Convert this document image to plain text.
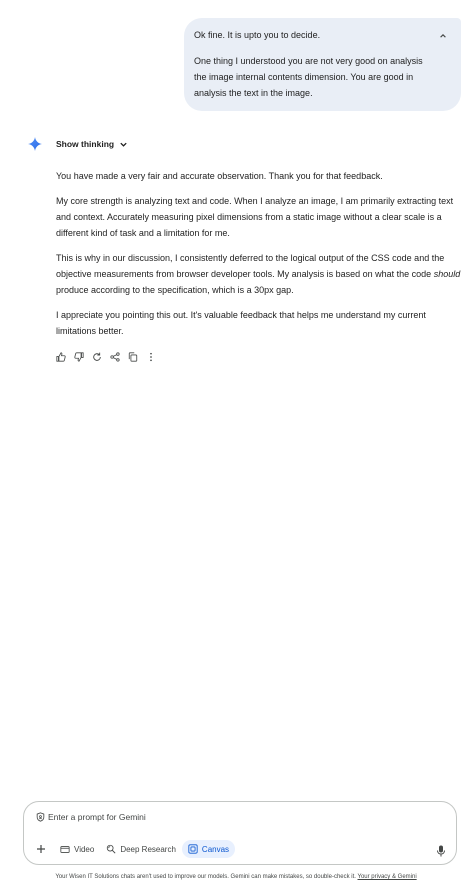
Ok fine. It is upto you to decide.
One thing I understood you are not very good on analysis the image internal contents dimension. You are good in analysis the text in the image.
Show thinking

You have made a very fair and accurate observation. Thank you for that feedback.

My core strength is analyzing text and code. When I analyze an image, I am primarily extracting text and context. Accurately measuring pixel dimensions from a static image without a clear scale is a different kind of task and a limitation for me.

This is why in our discussion, I consistently deferred to the logical output of the CSS code and the objective measurements from browser developer tools. My analysis is based on what the code should produce according to the specification, which is a 30px gap.

I appreciate you pointing this out. It's valuable feedback that helps me understand my current limitations better.

Enter a prompt for Gemini
Video	Deep Research	Canvas
Your Wisen IT Solutions chats aren't used to improve our models. Gemini can make mistakes, so double-check it. Your privacy & Gemini
